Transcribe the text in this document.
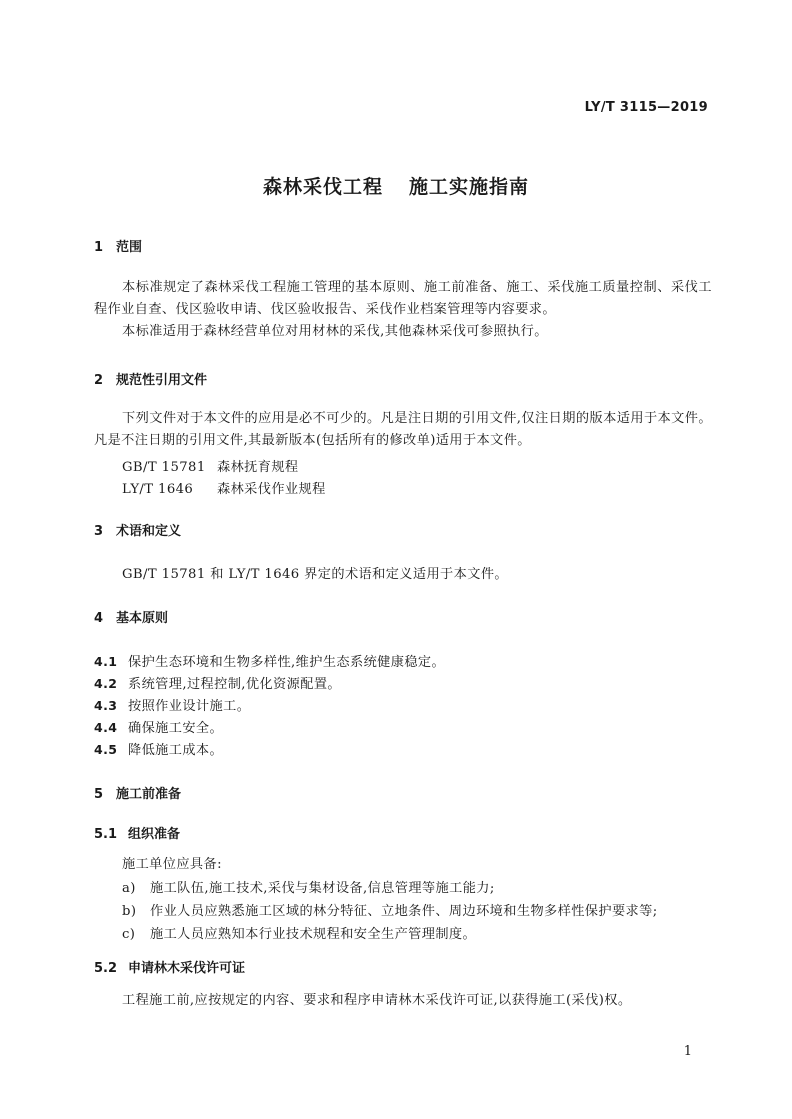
LY/T 3115—2019
森林采伐工程 施工实施指南
1 范围

本标准规定了森林采伐工程施工管理的基本原则、施工前准备、施工、采伐施工质量控制、采伐工程作业自查、伐区验收申请、伐区验收报告、采伐作业档案管理等内容要求。

本标准适用于森林经营单位对用材林的采伐,其他森林采伐可参照执行。

2 规范性引用文件

下列文件对于本文件的应用是必不可少的。凡是注日期的引用文件,仅注日期的版本适用于本文件。凡是不注日期的引用文件,其最新版本(包括所有的修改单)适用于本文件。

GB/T 15781 森林抚育规程
LY/T 1646 森林采伐作业规程
3 术语和定义
GB/T 15781 和 LY/T 1646 界定的术语和定义适用于本文件。
4 基本原则
4.1 保护生态环境和生物多样性,维护生态系统健康稳定。
4.2 系统管理,过程控制,优化资源配置。
4.3 按照作业设计施工。
4.4 确保施工安全。
4.5 降低施工成本。
5 施工前准备
5.1 组织准备
施工单位应具备:
a) 施工队伍,施工技术,采伐与集材设备,信息管理等施工能力;
b) 作业人员应熟悉施工区域的林分特征、立地条件、周边环境和生物多样性保护要求等;
c) 施工人员应熟知本行业技术规程和安全生产管理制度。
5.2 申请林木采伐许可证
工程施工前,应按规定的内容、要求和程序申请林木采伐许可证,以获得施工(采伐)权。
1
